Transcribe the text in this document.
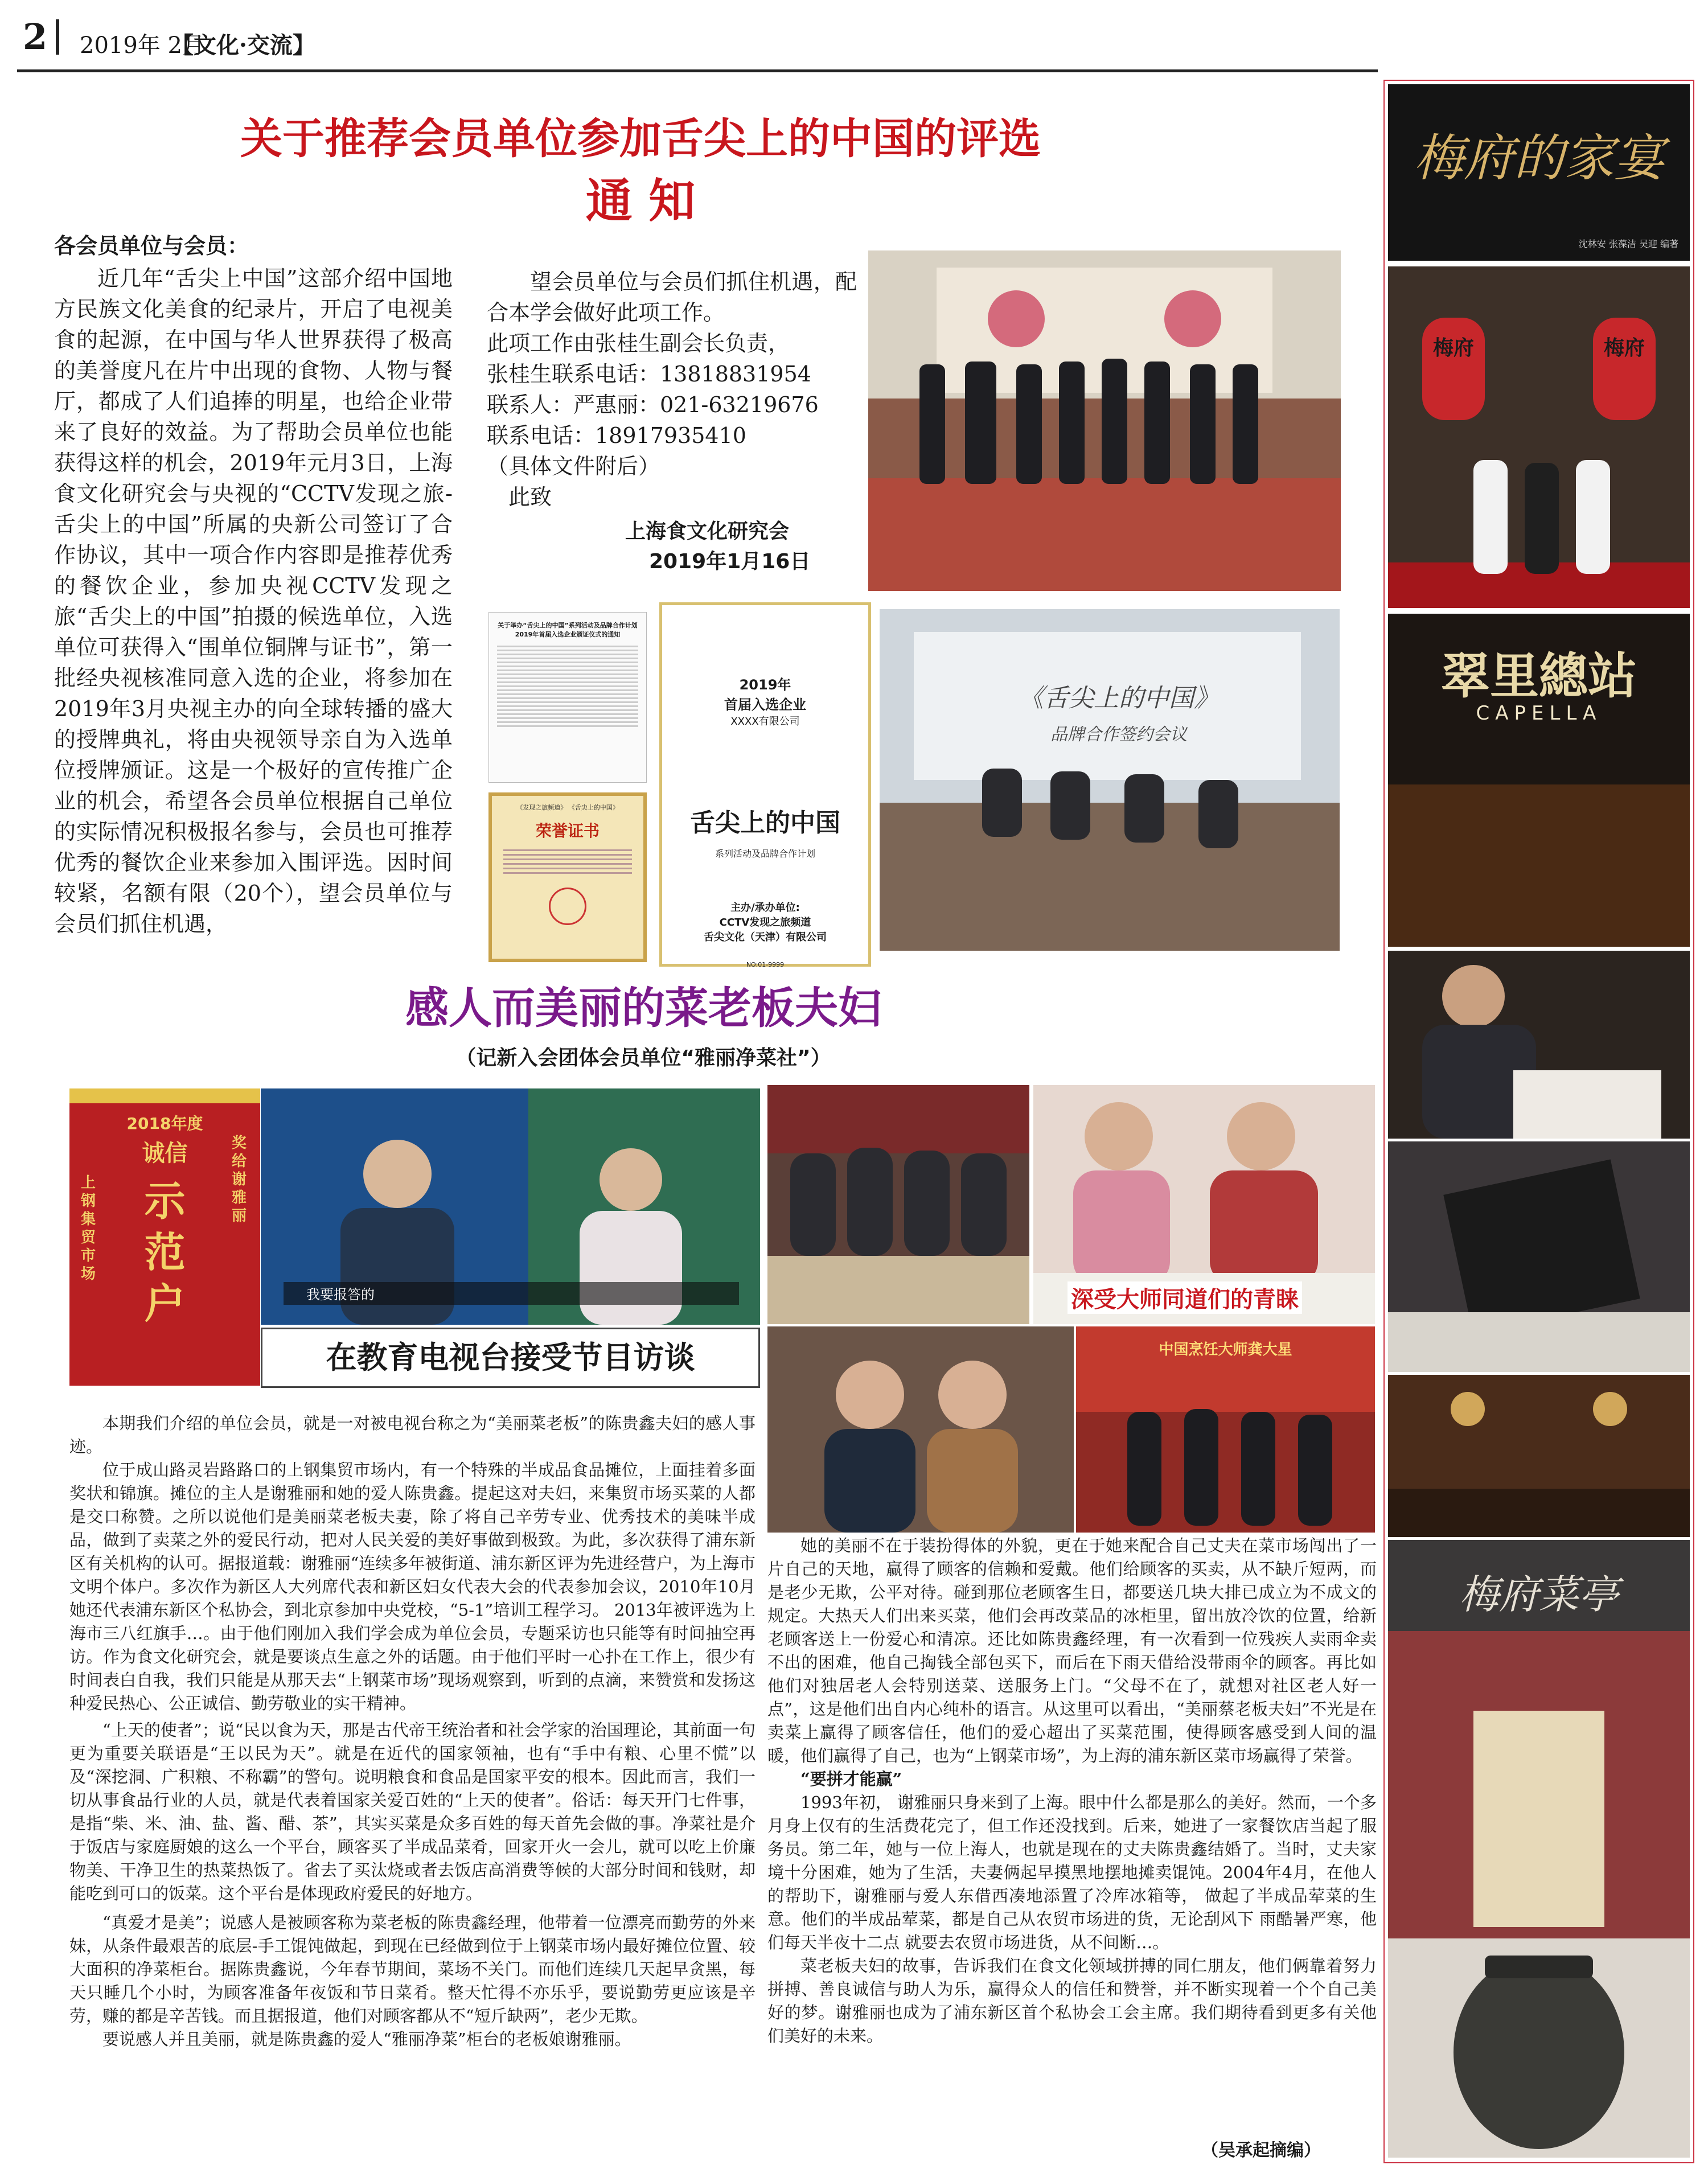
2 2019年 2月
【文化·交流】
关于推荐会员单位参加舌尖上的中国的评选
通 知
各会员单位与会员：

近几年“舌尖上中国”这部介绍中国地方民族文化美食的纪录片，开启了电视美食的起源，在中国与华人世界获得了极高的美誉度凡在片中出现的食物、人物与餐厅，都成了人们追捧的明星，也给企业带来了良好的效益。为了帮助会员单位也能获得这样的机会，2019年元月3日，上海食文化研究会与央视的“CCTV发现之旅-舌尖上的中国”所属的央新公司签订了合作协议，其中一项合作内容即是推荐优秀的餐饮企业，参加央视CCTV发现之旅“舌尖上的中国”拍摄的候选单位，入选单位可获得入“围单位铜牌与证书”，第一批经央视核准同意入选的企业，将参加在2019年3月央视主办的向全球转播的盛大的授牌典礼，将由央视领导亲自为入选单位授牌颁证。这是一个极好的宣传推广企业的机会，希望各会员单位根据自己单位的实际情况积极报名参与，会员也可推荐优秀的餐饮企业来参加入围评选。因时间较紧，名额有限（20个），望会员单位与会员们抓住机遇，

望会员单位与会员们抓住机遇，配合本学会做好此项工作。

此项工作由张桂生副会长负责，

张桂生联系电话：13818831954

联系人：严惠丽：021-63219676

联系电话：18917935410

（具体文件附后）

此致

上海食文化研究会
2019年1月16日
关于举办“舌尖上的中国”系列活动及品牌合作计划2019年首届入选企业颁证仪式的通知
《发现之旅频道》 《舌尖上的中国》
荣誉证书
2019年
首届入选企业
XXXX有限公司
舌尖上的中国
系列活动及品牌合作计划
主办/承办单位:
CCTV发现之旅频道
舌尖文化（天津）有限公司
NO:01-9999
《舌尖上的中国》
品牌合作签约会议
感人而美丽的菜老板夫妇
（记新入会团体会员单位“雅丽净菜社”）
2018年度
诚信
示
范
户
上钢集贸市场
奖给谢雅丽
我要报答的
在教育电视台接受节目访谈
深受大师同道们的青睐
中国烹饪大师龚大星

本期我们介绍的单位会员，就是一对被电视台称之为“美丽菜老板”的陈贵鑫夫妇的感人事迹。

位于成山路灵岩路路口的上钢集贸市场内，有一个特殊的半成品食品摊位，上面挂着多面奖状和锦旗。摊位的主人是谢雅丽和她的爱人陈贵鑫。提起这对夫妇，来集贸市场买菜的人都是交口称赞。之所以说他们是美丽菜老板夫妻，除了将自己辛劳专业、优秀技术的美味半成品，做到了卖菜之外的爱民行动，把对人民关爱的美好事做到极致。为此，多次获得了浦东新区有关机构的认可。据报道载：谢雅丽“连续多年被街道、浦东新区评为先进经营户，为上海市文明个体户。多次作为新区人大列席代表和新区妇女代表大会的代表参加会议，2010年10月她还代表浦东新区个私协会，到北京参加中央党校，“5-1”培训工程学习。 2013年被评选为上海市三八红旗手…。由于他们刚加入我们学会成为单位会员，专题采访也只能等有时间抽空再访。作为食文化研究会，就是要谈点生意之外的话题。由于他们平时一心扑在工作上，很少有时间表白自我，我们只能是从那天去“上钢菜市场”现场观察到，听到的点滴，来赞赏和发扬这种爱民热心、公正诚信、勤劳敬业的实干精神。

“上天的使者”；说“民以食为天，那是古代帝王统治者和社会学家的治国理论，其前面一句更为重要关联语是“王以民为天”。就是在近代的国家领袖，也有“手中有粮、心里不慌”以及“深挖洞、广积粮、不称霸”的警句。说明粮食和食品是国家平安的根本。因此而言，我们一切从事食品行业的人员，就是代表着国家关爱百姓的“上天的使者”。俗话：每天开门七件事，是指“柴、米、油、盐、酱、醋、茶”，其实买菜是众多百姓的每天首先会做的事。净菜社是介于饭店与家庭厨娘的这么一个平台，顾客买了半成品菜肴，回家开火一会儿，就可以吃上价廉物美、干净卫生的热菜热饭了。省去了买汰烧或者去饭店高消费等候的大部分时间和钱财，却能吃到可口的饭菜。这个平台是体现政府爱民的好地方。

“真爱才是美”；说感人是被顾客称为菜老板的陈贵鑫经理，他带着一位漂亮而勤劳的外来妹，从条件最艰苦的底层-手工馄饨做起，到现在已经做到位于上钢菜市场内最好摊位位置、较大面积的净菜柜台。据陈贵鑫说，今年春节期间，菜场不关门。而他们连续几天起早贪黑，每天只睡几个小时，为顾客准备年夜饭和节日菜肴。整天忙得不亦乐乎，要说勤劳更应该是辛劳，赚的都是辛苦钱。而且据报道，他们对顾客都从不“短斤缺两”，老少无欺。

要说感人并且美丽，就是陈贵鑫的爱人“雅丽净菜”柜台的老板娘谢雅丽。

她的美丽不在于装扮得体的外貌，更在于她来配合自己丈夫在菜市场闯出了一片自己的天地，赢得了顾客的信赖和爱戴。他们给顾客的买卖，从不缺斤短两，而是老少无欺，公平对待。碰到那位老顾客生日，都要送几块大排已成立为不成文的规定。大热天人们出来买菜，他们会再改菜品的冰柜里，留出放冷饮的位置，给新老顾客送上一份爱心和清凉。还比如陈贵鑫经理，有一次看到一位残疾人卖雨伞卖不出的困难，他自己掏钱全部包买下，而后在下雨天借给没带雨伞的顾客。再比如他们对独居老人会特别送菜、送服务上门。“父母不在了，就想对社区老人好一点”，这是他们出自内心纯朴的语言。从这里可以看出，“美丽蔡老板夫妇”不光是在卖菜上赢得了顾客信任，他们的爱心超出了买菜范围，使得顾客感受到人间的温暖，他们赢得了自己，也为“上钢菜市场”，为上海的浦东新区菜市场赢得了荣誉。

“要拼才能赢”

1993年初， 谢雅丽只身来到了上海。眼中什么都是那么的美好。然而，一个多月身上仅有的生活费花完了，但工作还没找到。后来，她进了一家餐饮店当起了服务员。第二年，她与一位上海人，也就是现在的丈夫陈贵鑫结婚了。当时，丈夫家境十分困难，她为了生活，夫妻俩起早摸黑地摆地摊卖馄饨。2004年4月，在他人的帮助下，谢雅丽与爱人东借西凑地添置了冷库冰箱等， 做起了半成品荤菜的生意。他们的半成品荤菜，都是自己从农贸市场进的货，无论刮风下 雨酷暑严寒，他们每天半夜十二点 就要去农贸市场进货，从不间断…。

菜老板夫妇的故事，告诉我们在食文化领域拼搏的同仁朋友，他们俩靠着努力拼搏、善良诚信与助人为乐，赢得众人的信任和赞誉，并不断实现着一个个自己美好的梦。谢雅丽也成为了浦东新区首个私协会工会主席。我们期待看到更多有关他们美好的未来。

（吴承起摘编）
梅府的家宴
沈林安 张葆洁 吴迎 编著
梅府	梅府
翠里總站
CAPELLA
梅府菜亭
